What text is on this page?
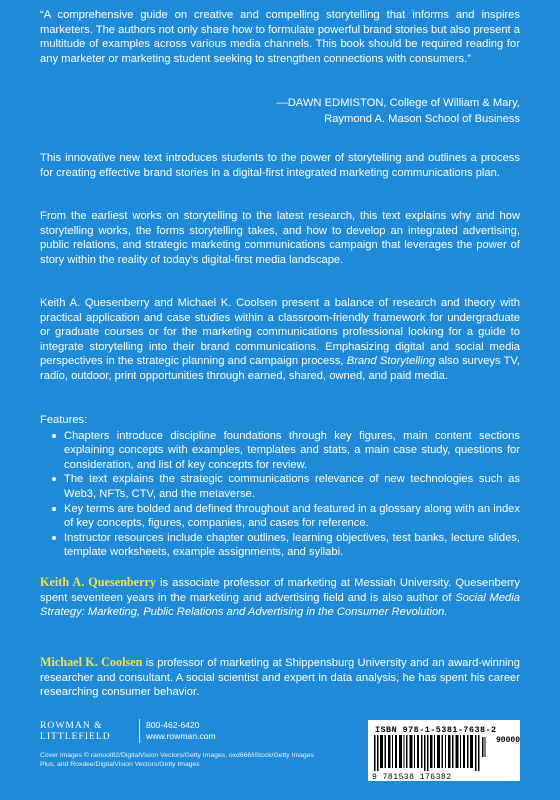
“A comprehensive guide on creative and compelling storytelling that informs and inspires marketers. The authors not only share how to formulate powerful brand stories but also present a multitude of examples across various media channels. This book should be required reading for any marketer or marketing student seeking to strengthen connections with consumers.”

—DAWN EDMISTON, College of William & Mary,
Raymond A. Mason School of Business

This innovative new text introduces students to the power of storytelling and outlines a process for creating effective brand stories in a digital-first integrated marketing communications plan.

From the earliest works on storytelling to the latest research, this text explains why and how storytelling works, the forms storytelling takes, and how to develop an integrated advertising, public relations, and strategic marketing communications campaign that leverages the power of story within the reality of today’s digital-first media landscape.

Keith A. Quesenberry and Michael K. Coolsen present a balance of research and theory with practical application and case studies within a classroom-friendly framework for undergraduate or graduate courses or for the marketing communications professional looking for a guide to integrate storytelling into their brand communications. Emphasizing digital and social media perspectives in the strategic planning and campaign process, Brand Storytelling also surveys TV, radio, outdoor, print opportunities through earned, shared, owned, and paid media.

Features:

Chapters introduce discipline foundations through key figures, main content sections explaining concepts with examples, templates and stats, a main case study, questions for consideration, and list of key concepts for review.
The text explains the strategic communications relevance of new technologies such as Web3, NFTs, CTV, and the metaverse.
Key terms are bolded and defined throughout and featured in a glossary along with an index of key concepts, figures, companies, and cases for reference.
Instructor resources include chapter outlines, learning objectives, test banks, lecture slides, template worksheets, example assignments, and syllabi.

Keith A. Quesenberry is associate professor of marketing at Messiah University. Quesenberry spent seventeen years in the marketing and advertising field and is also author of Social Media Strategy: Marketing, Public Relations and Advertising in the Consumer Revolution.

Michael K. Coolsen is professor of marketing at Shippensburg University and an award-winning researcher and consultant. A social scientist and expert in data analysis, he has spent his career researching consumer behavior.

ROWMAN &
LITTLEFIELD
800-462-6420
www.rowman.com
Cover images © ramool82/DigitalVision Vectors/Getty Images, oxd666/iStock/Getty Images Plus, and Roxdee/DigitalVision Vectors/Getty Images
ISBN 978-1-5381-7638-2
90000
9 781538 176382
